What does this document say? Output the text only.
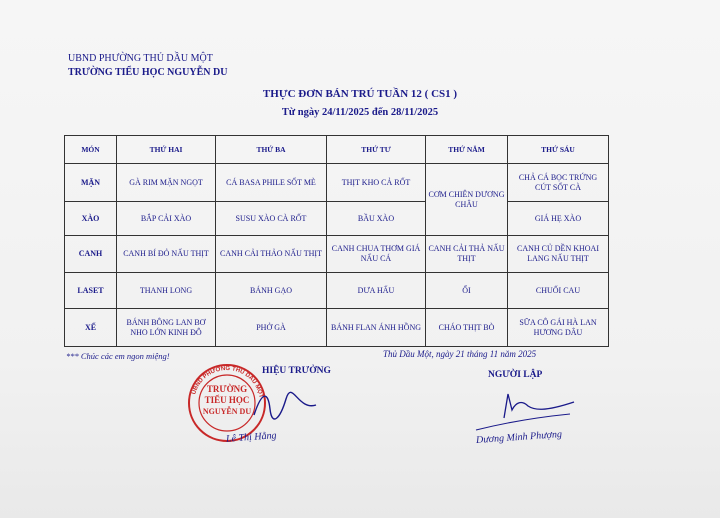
UBND PHƯỜNG THỦ DẦU MỘT
TRƯỜNG TIỂU HỌC NGUYỄN DU
THỰC ĐƠN BÁN TRÚ TUẦN 12 ( CS1 )
Từ ngày 24/11/2025 đến 28/11/2025
MÓN	THỨ HAI	THỨ BA	THỨ TƯ	THỨ NĂM	THỨ SÁU
MẶN	GÀ RIM MẶN NGỌT	CÁ BASA PHILE SỐT MÈ	THỊT KHO CẢ RỐT	CƠM CHIÊN DƯƠNG CHÂU	CHẢ CÁ BỌC TRỨNG CÚT SỐT CÀ
XÀO	BẮP CẢI XÀO	SUSU XÀO CÀ RỐT	BẦU XÀO		GIÁ HẸ XÀO
CANH	CANH BÍ ĐỎ NẤU THỊT	CANH CẢI THẢO NẤU THỊT	CANH CHUA THƠM GIÁ NẤU CÁ	CANH CẢI THẢ NẤU THỊT	CANH CỦ DỀN KHOAI LANG NẤU THỊT
LASET	THANH LONG	BÁNH GẠO	DƯA HẤU	ỔI	CHUỐI CAU
XẾ	BÁNH BÔNG LAN BƠ NHO LỚN KINH ĐÔ	PHỞ GÀ	BÁNH FLAN ÁNH HỒNG	CHÁO THỊT BÒ	SỮA CÔ GÁI HÀ LAN HƯƠNG DÂU
*** Chúc các em ngon miệng!	Thủ Dầu Một, ngày 21 tháng 11 năm 2025
UBND PHƯỜNG THỦ DẦU MỘT
TRƯỜNG
TIỂU HỌC
NGUYỄN DU
HIỆU TRƯỞNG
Lê Thị Hằng
NGƯỜI LẬP
Dương Minh Phượng
